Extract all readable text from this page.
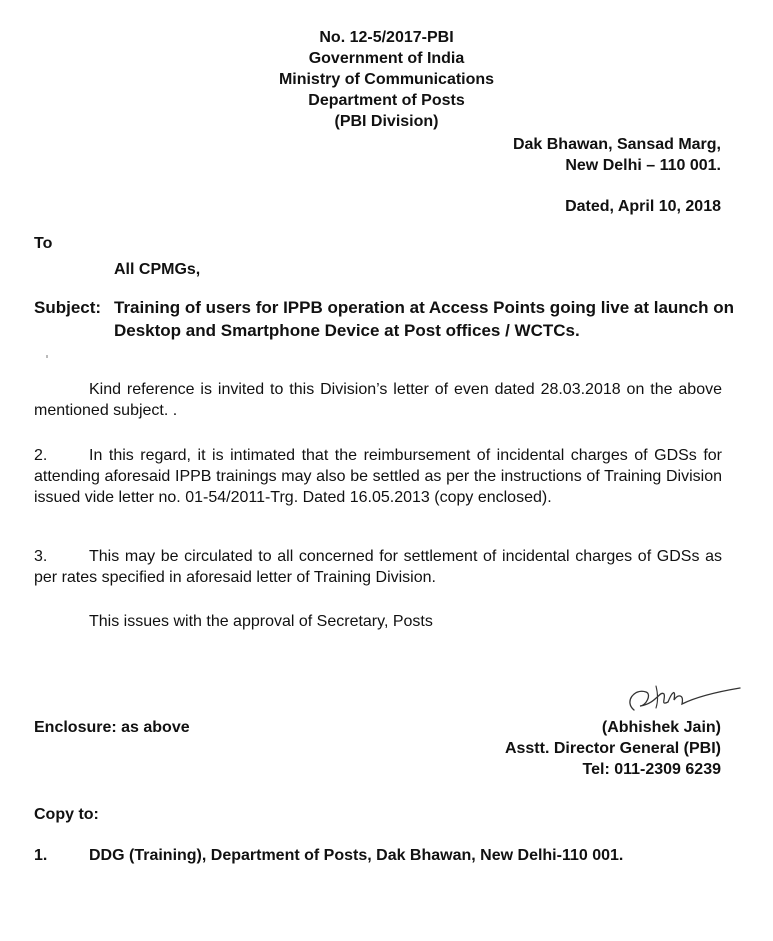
No. 12-5/2017-PBI

Government of India

Ministry of Communications

Department of Posts

(PBI Division)

Dak Bhawan, Sansad Marg,

New Delhi – 110 001.

Dated, April 10, 2018

To

All CPMGs,

Subject: Training of users for IPPB operation at Access Points going live at launch on Desktop and Smartphone Device at Post offices / WCTCs.

Kind reference is invited to this Division’s letter of even dated 28.03.2018 on the above mentioned subject. .

2.	In this regard, it is intimated that the reimbursement of incidental charges of GDSs for attending aforesaid IPPB trainings may also be settled as per the instructions of Training Division issued vide letter no. 01-54/2011-Trg. Dated 16.05.2013 (copy enclosed).

3.	This may be circulated to all concerned for settlement of incidental charges of GDSs as per rates specified in aforesaid letter of Training Division.

This issues with the approval of Secretary, Posts

Enclosure: as above	(Abhishek Jain)

Asstt. Director General (PBI)

Tel: 011-2309 6239

Copy to:

1.	DDG (Training), Department of Posts, Dak Bhawan, New Delhi-110 001.
